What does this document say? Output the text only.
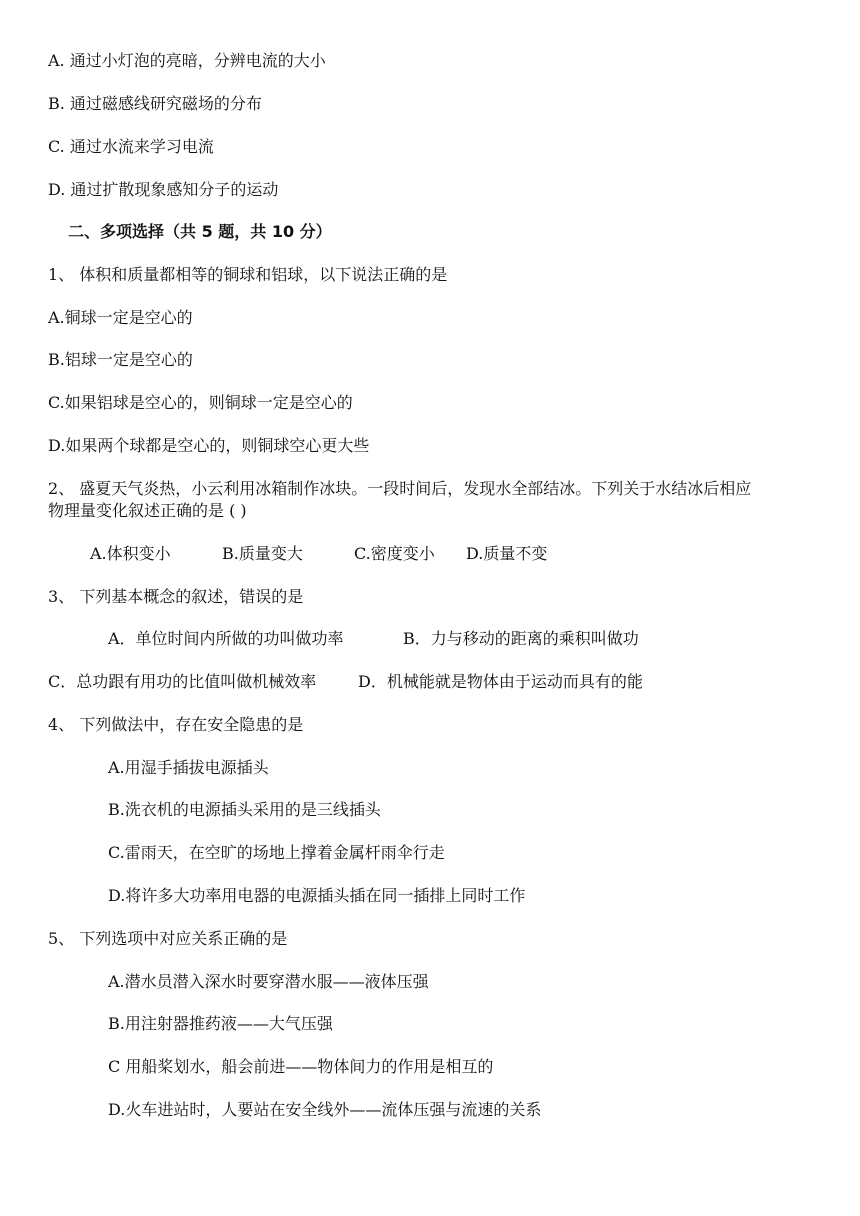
A. 通过小灯泡的亮暗，分辨电流的大小
B. 通过磁感线研究磁场的分布
C. 通过水流来学习电流
D. 通过扩散现象感知分子的运动
二、多项选择（共 5 题，共 10 分）
1、 体积和质量都相等的铜球和铝球，以下说法正确的是
A.铜球一定是空心的
B.铝球一定是空心的
C.如果铝球是空心的，则铜球一定是空心的
D.如果两个球都是空心的，则铜球空心更大些
2、 盛夏天气炎热，小云利用冰箱制作冰块。一段时间后，发现水全部结冰。下列关于水结冰后相应
物理量变化叙述正确的是 ( )
A.体积变小	B.质量变大	C.密度变小 D.质量不变
3、 下列基本概念的叙述，错误的是
A．单位时间内所做的功叫做功率	B．力与移动的距离的乘积叫做功
C．总功跟有用功的比值叫做机械效率	D．机械能就是物体由于运动而具有的能
4、 下列做法中，存在安全隐患的是
A.用湿手插拔电源插头
B.洗衣机的电源插头采用的是三线插头
C.雷雨天，在空旷的场地上撑着金属杆雨伞行走
D.将许多大功率用电器的电源插头插在同一插排上同时工作
5、 下列选项中对应关系正确的是
A.潜水员潜入深水时要穿潜水服——液体压强
B.用注射器推药液——大气压强
C 用船桨划水，船会前进——物体间力的作用是相互的
D.火车进站时，人要站在安全线外——流体压强与流速的关系
